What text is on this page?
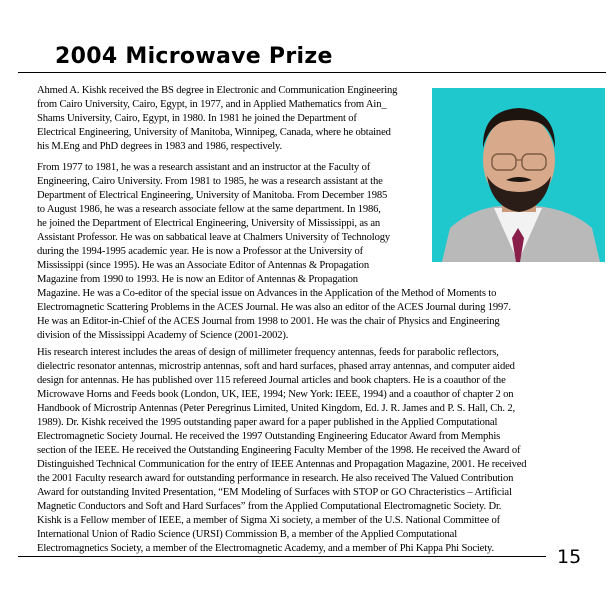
2004 Microwave Prize
Ahmed A. Kishk received the BS degree in Electronic and Communication Engineering
from Cairo University, Cairo, Egypt, in 1977, and in Applied Mathematics from Ain_
Shams University, Cairo, Egypt, in 1980. In 1981 he joined the Department of
Electrical Engineering, University of Manitoba, Winnipeg, Canada, where he obtained
his M.Eng and PhD degrees in 1983 and 1986, respectively.
From 1977 to 1981, he was a research assistant and an instructor at the Faculty of
Engineering, Cairo University. From 1981 to 1985, he was a research assistant at the
Department of Electrical Engineering, University of Manitoba. From December 1985
to August 1986, he was a research associate fellow at the same department. In 1986,
he joined the Department of Electrical Engineering, University of Mississippi, as an
Assistant Professor. He was on sabbatical leave at Chalmers University of Technology
during the 1994-1995 academic year. He is now a Professor at the University of
Mississippi (since 1995). He was an Associate Editor of Antennas & Propagation
Magazine from 1990 to 1993. He is now an Editor of Antennas & Propagation
Magazine. He was a Co-editor of the special issue on Advances in the Application of the Method of Moments to
Electromagnetic Scattering Problems in the ACES Journal. He was also an editor of the ACES Journal during 1997.
He was an Editor-in-Chief of the ACES Journal from 1998 to 2001. He was the chair of Physics and Engineering
division of the Mississippi Academy of Science (2001-2002).
His research interest includes the areas of design of millimeter frequency antennas, feeds for parabolic reflectors,
dielectric resonator antennas, microstrip antennas, soft and hard surfaces, phased array antennas, and computer aided
design for antennas. He has published over 115 refereed Journal articles and book chapters. He is a coauthor of the
Microwave Horns and Feeds book (London, UK, IEE, 1994; New York: IEEE, 1994) and a coauthor of chapter 2 on
Handbook of Microstrip Antennas (Peter Peregrinus Limited, United Kingdom, Ed. J. R. James and P. S. Hall, Ch. 2,
1989). Dr. Kishk received the 1995 outstanding paper award for a paper published in the Applied Computational
Electromagnetic Society Journal. He received the 1997 Outstanding Engineering Educator Award from Memphis
section of the IEEE. He received the Outstanding Engineering Faculty Member of the 1998. He received the Award of
Distinguished Technical Communication for the entry of IEEE Antennas and Propagation Magazine, 2001. He received
the 2001 Faculty research award for outstanding performance in research. He also received The Valued Contribution
Award for outstanding Invited Presentation, “EM Modeling of Surfaces with STOP or GO Chracteristics – Artificial
Magnetic Conductors and Soft and Hard Surfaces” from the Applied Computational Electromagnetic Society. Dr.
Kishk is a Fellow member of IEEE, a member of Sigma Xi society, a member of the U.S. National Committee of
International Union of Radio Science (URSI) Commission B, a member of the Applied Computational
Electromagnetics Society, a member of the Electromagnetic Academy, and a member of Phi Kappa Phi Society.	15
